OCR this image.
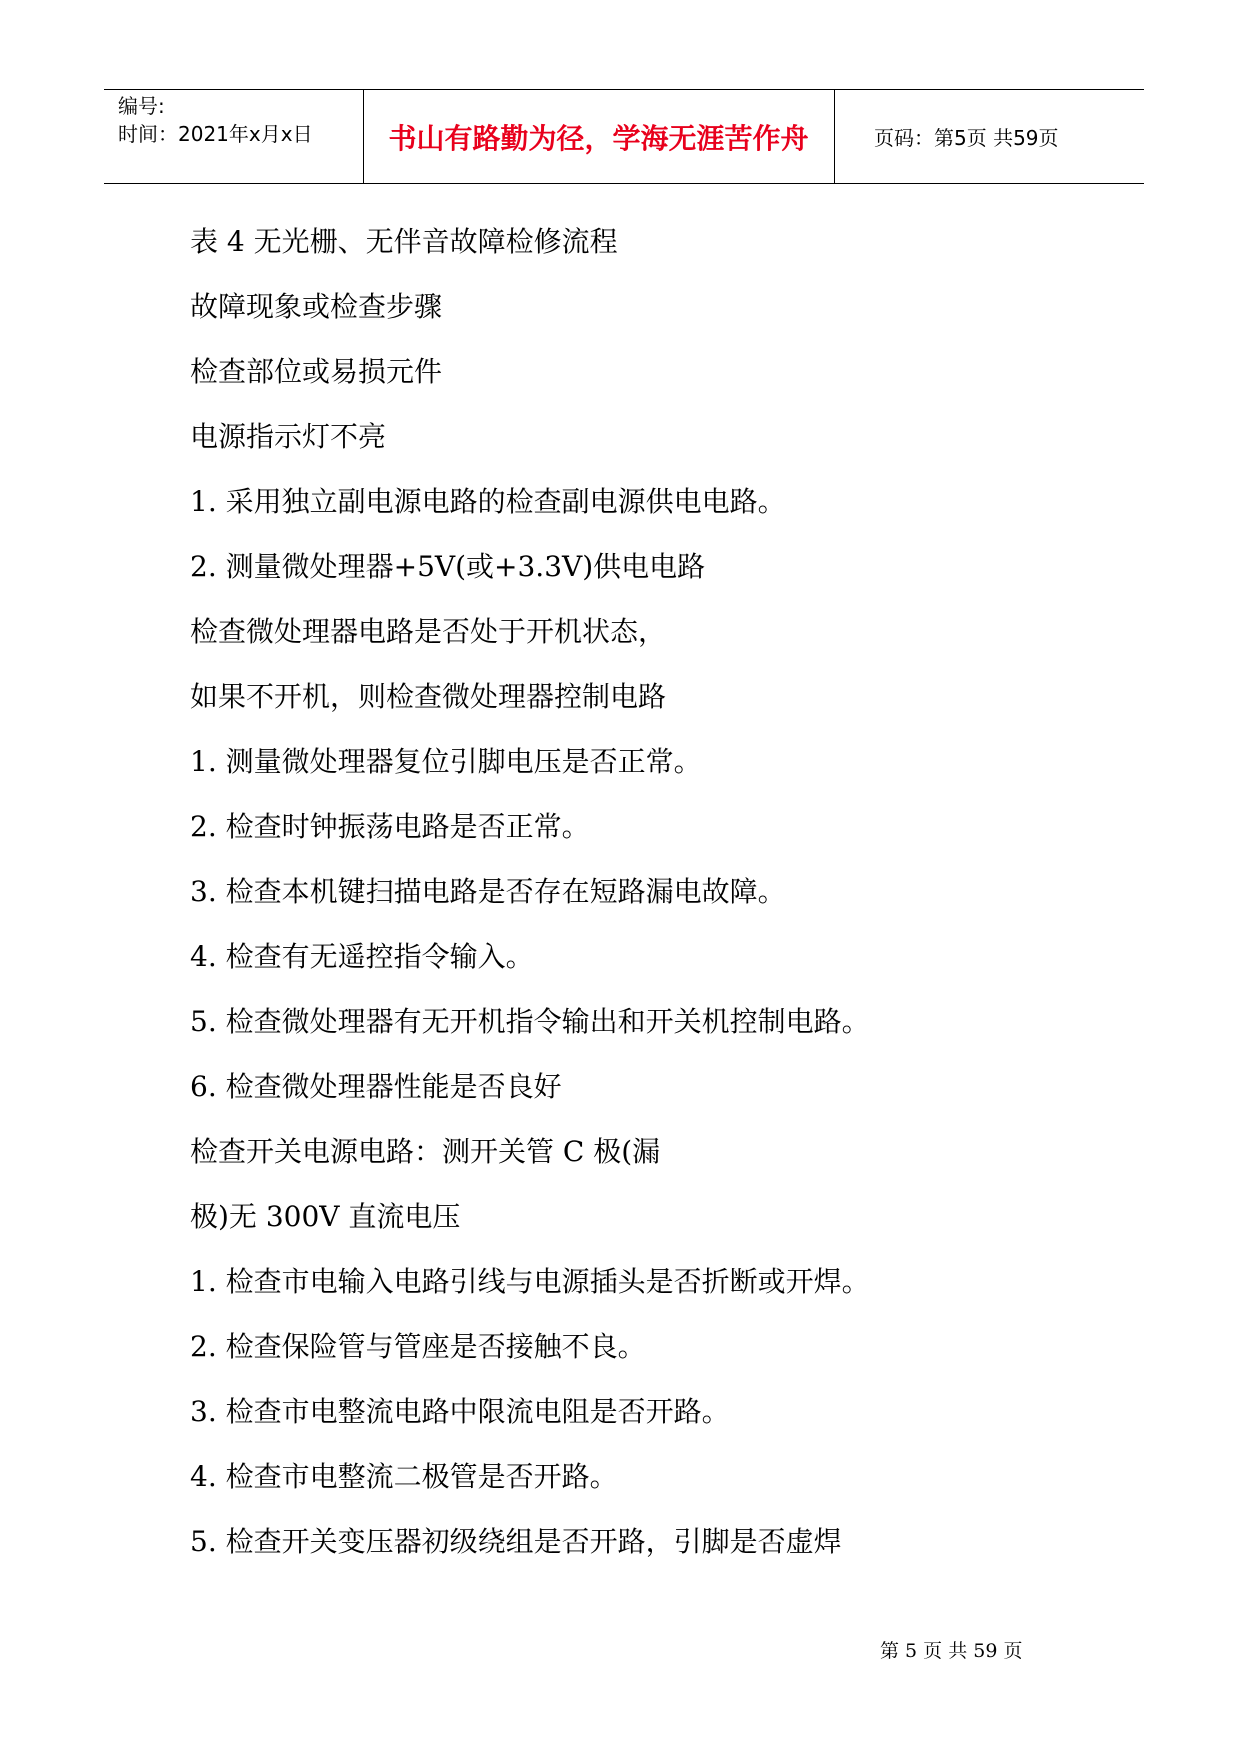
编号:
时间：2021年x月x日	书山有路勤为径，学海无涯苦作舟	页码：第5页 共59页
表 4 无光栅、无伴音故障检修流程
故障现象或检查步骤
检查部位或易损元件
电源指示灯不亮
1. 采用独立副电源电路的检查副电源供电电路。
2. 测量微处理器+5V(或+3.3V)供电电路
检查微处理器电路是否处于开机状态，
如果不开机，则检查微处理器控制电路
1. 测量微处理器复位引脚电压是否正常。
2. 检查时钟振荡电路是否正常。
3. 检查本机键扫描电路是否存在短路漏电故障。
4. 检查有无遥控指令输入。
5. 检查微处理器有无开机指令输出和开关机控制电路。
6. 检查微处理器性能是否良好
检查开关电源电路：测开关管 C 极(漏
极)无 300V 直流电压
1. 检查市电输入电路引线与电源插头是否折断或开焊。
2. 检查保险管与管座是否接触不良。
3. 检查市电整流电路中限流电阻是否开路。
4. 检查市电整流二极管是否开路。
5. 检查开关变压器初级绕组是否开路，引脚是否虚焊
第 5 页 共 59 页
